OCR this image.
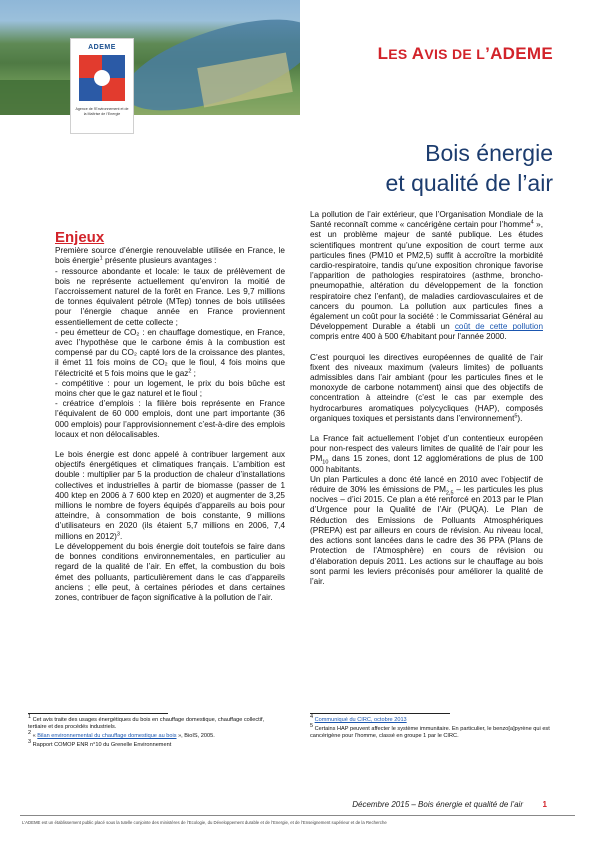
ADEME
Agence de l’Environnement et de la Maîtrise de l’Energie
LES AVIS DE L’ADEME
Bois énergie
et qualité de l’air
Enjeux

Première source d’énergie renouvelable utilisée en France, le bois énergie$^1$ présente plusieurs avantages :

- ressource abondante et locale: le taux de prélèvement de bois ne représente actuellement qu’environ la moitié de l’accroissement naturel de la forêt en France. Les 9,7 millions de tonnes équivalent pétrole (MTep) tonnes de bois utilisées pour l’énergie chaque année en France proviennent essentiellement de cette collecte ;

- peu émetteur de CO₂ : en chauffage domestique, en France, avec l’hypothèse que le carbone émis à la combustion est compensé par du CO₂ capté lors de la croissance des plantes, il émet 11 fois moins de CO₂ que le fioul, 4 fois moins que l’électricité et 5 fois moins que le gaz$^2$ ;

- compétitive : pour un logement, le prix du bois bûche est moins cher que le gaz naturel et le fioul ;

- créatrice d’emplois : la filière bois représente en France l’équivalent de 60 000 emplois, dont une part importante (36 000 emplois) pour l’approvisionnement c’est-à-dire des emplois locaux et non délocalisables.

Le bois énergie est donc appelé à contribuer largement aux objectifs énergétiques et climatiques français. L’ambition est double : multiplier par 5 la production de chaleur d’installations collectives et industrielles à partir de biomasse (passer de 1 400 ktep en 2006 à 7 600 ktep en 2020) et augmenter de 3,25 millions le nombre de foyers équipés d’appareils au bois pour atteindre, à consommation de bois constante, 9 millions d’utilisateurs en 2020 (ils étaient 5,7 millions en 2006, 7,4 millions en 2012)$^3$.

Le développement du bois énergie doit toutefois se faire dans de bonnes conditions environnementales, en particulier au regard de la qualité de l’air. En effet, la combustion du bois émet des polluants, particulièrement dans le cas d’appareils anciens ; elle peut, à certaines périodes et dans certaines zones, contribuer de façon significative à la pollution de l’air.

La pollution de l’air extérieur, que l’Organisation Mondiale de la Santé reconnaît comme « cancérigène certain pour l’homme$^4$ », est un problème majeur de santé publique. Les études scientifiques montrent qu’une exposition de court terme aux particules fines (PM10 et PM2,5) suffit à accroître la morbidité cardio-respiratoire, tandis qu’une exposition chronique favorise l’apparition de pathologies respiratoires (asthme, broncho-pneumopathie, altération du développement de la fonction respiratoire chez l’enfant), de maladies cardiovasculaires et de cancers du poumon. La pollution aux particules fines a également un coût pour la société : le Commissariat Général au Développement Durable a établi un coût de cette pollution compris entre 400 à 500 €/habitant pour l’année 2000.

C’est pourquoi les directives européennes de qualité de l’air fixent des niveaux maximum (valeurs limites) de polluants admissibles dans l’air ambiant (pour les particules fines et le monoxyde de carbone notamment) ainsi que des objectifs de concentration à atteindre (c’est le cas par exemple des hydrocarbures aromatiques polycycliques (HAP), composés organiques toxiques et persistants dans l’environnement$^5$).

La France fait actuellement l’objet d’un contentieux européen pour non-respect des valeurs limites de qualité de l’air pour les $PM_{10}$ dans 15 zones, dont 12 agglomérations de plus de 100 000 habitants.

Un plan Particules a donc été lancé en 2010 avec l’objectif de réduire de 30% les émissions de $PM_{2,5}$ – les particules les plus nocives – d’ici 2015. Ce plan a été renforcé en 2013 par le Plan d’Urgence pour la Qualité de l’Air (PUQA). Le Plan de Réduction des Emissions de Polluants Atmosphériques (PREPA) est par ailleurs en cours de révision. Au niveau local, des actions sont lancées dans le cadre des 36 PPA (Plans de Protection de l’Atmosphère) en cours de révision ou d’élaboration depuis 2011. Les actions sur le chauffage au bois sont parmi les leviers préconisés pour améliorer la qualité de l’air.

$^1$ Cet avis traite des usages énergétiques du bois en chauffage domestique, chauffage collectif, tertiaire et des procédés industriels.
$^2$ « Bilan environnemental du chauffage domestique au bois », BioIS, 2005.
$^3$ Rapport COMOP ENR n°10 du Grenelle Environnement
$^4$ Communiqué du CIRC, octobre 2013
$^5$ Certains HAP peuvent affecter le système immunitaire. En particulier, le benzo[a]pyrène qui est cancérigène pour l’homme, classé en groupe 1 par le CIRC.
Décembre 2015 – Bois énergie et qualité de l’air 1
L’ADEME est un établissement public placé sous la tutelle conjointe des ministères de l’Ecologie, du Développement durable et de l’Energie, et de l’Enseignement supérieur et de la Recherche
